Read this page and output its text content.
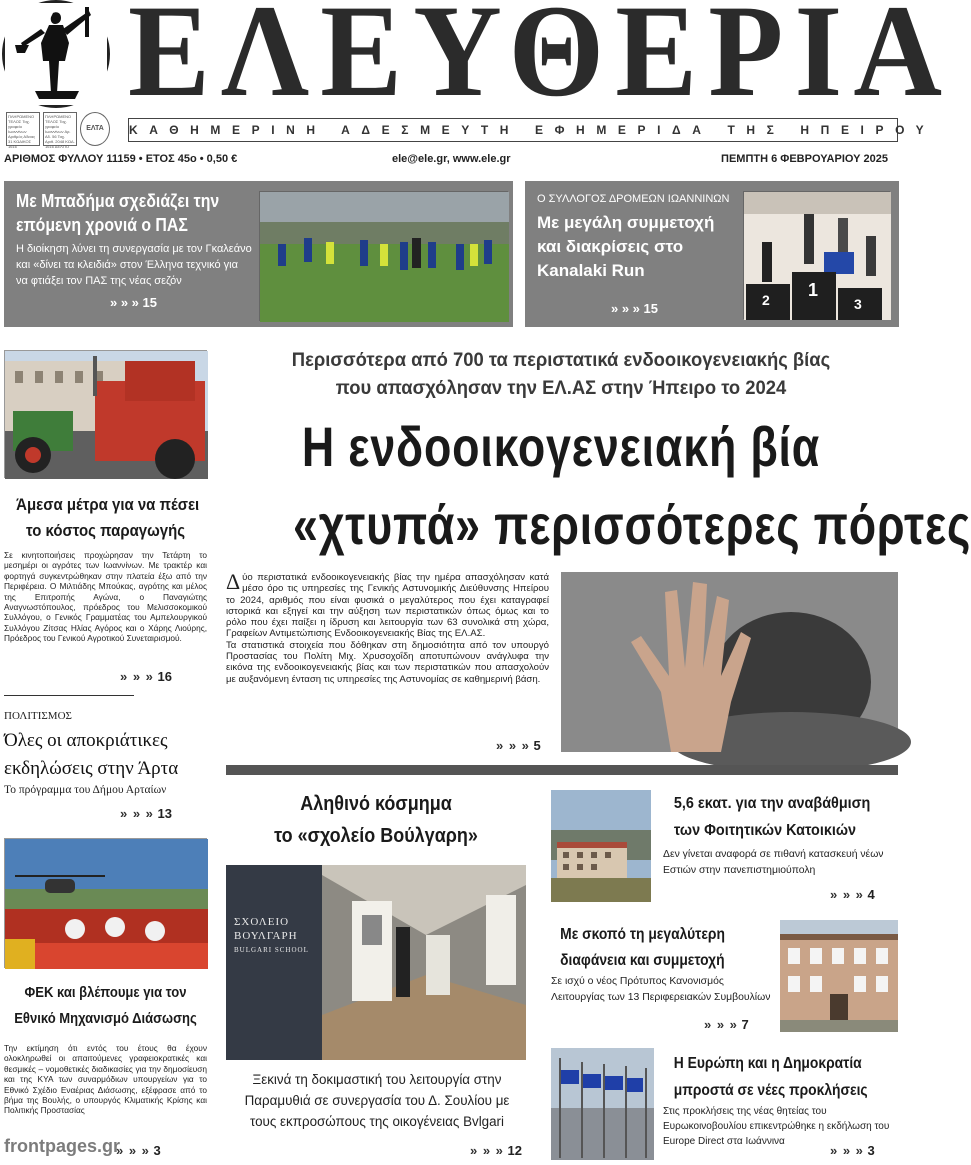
ΕΛΕΥΘΕΡΙΑ
ΚΑΘΗΜΕΡΙΝΗ ΑΔΕΣΜΕΥΤΗ ΕΦΗΜΕΡΙΔΑ ΤΗΣ ΗΠΕΙΡΟΥ
ΠΛΗΡΩΜΕΝΟ ΤΕΛΟΣ Ταχ. γραφείο Ιωαννίνων Αριθμός Αδειας 31 ΚΩΔΙΚΟΣ 1616
ΠΛΗΡΩΜΕΝΟ ΤΕΛΟΣ Ταχ. γραφείο Ιωαννίνων Αρ. Αδ. 56 Ταχ. Αριθ. 2048 ΚΩΔ. 1616 ΔΕΛΤΙΟ
ΕΛΤΑ
ΑΡΙΘΜΟΣ ΦΥΛΛΟΥ 11159 • ΕΤΟΣ 45ο • 0,50 €	ele@ele.gr, www.ele.gr	ΠΕΜΠΤΗ 6 ΦΕΒΡΟΥΑΡΙΟΥ 2025
Με Μπαδήμα σχεδιάζει την επόμενη χρονιά ο ΠΑΣ
Η διοίκηση λύνει τη συνεργασία με τον Γκαλεάνο και «δίνει τα κλειδιά» στον Έλληνα τεχνικό για να φτιάξει τον ΠΑΣ της νέας σεζόν
» » » 15
Ο ΣΥΛΛΟΓΟΣ ΔΡΟΜΕΩΝ ΙΩΑΝΝΙΝΩΝ
Με μεγάλη συμμετοχή και διακρίσεις στο Kanalaki Run
» » » 15
2 1
3
Άμεσα μέτρα για να πέσει
το κόστος παραγωγής
Σε κινητοποιήσεις προχώρησαν την Τετάρτη το μεσημέρι οι αγρότες των Ιωαννίνων. Με τρακτέρ και φορτηγά συγκεντρώθηκαν στην πλατεία έξω από την Περιφέρεια. Ο Μιλτιάδης Μπούκας, αγρότης και μέλος της Επιτροπής Αγώνα, ο Παναγιώτης Αναγνωστόπουλος, πρόεδρος του Μελισσοκομικού Συλλόγου, ο Γενικός Γραμματέας του Αμπελουργικού Συλλόγου Ζίτσας Ηλίας Αγόρος και ο Χάρης Λιούρης, Πρόεδρος του Γενικού Αγροτικού Συνεταιρισμού.
» » » 16
ΠΟΛΙΤΙΣΜΟΣ
Όλες οι αποκριάτικες
εκδηλώσεις στην Άρτα
Το πρόγραμμα του Δήμου Αρταίων
» » » 13
ΦΕΚ και βλέπουμε για τον
Εθνικό Μηχανισμό Διάσωσης
Την εκτίμηση ότι εντός του έτους θα έχουν ολοκληρωθεί οι απαιτούμενες γραφειοκρατικές και θεσμικές – νομοθετικές διαδικασίες για την δημοσίευση και της ΚΥΑ των συναρμόδιων υπουργείων για το Εθνικό Σχέδιο Εναέριας Διάσωσης, εξέφρασε από το βήμα της Βουλής, ο υπουργός Κλιματικής Κρίσης και Πολιτικής Προστασίας
» » » 3
Περισσότερα από 700 τα περιστατικά ενδοοικογενειακής βίας
που απασχόλησαν την ΕΛ.ΑΣ στην Ήπειρο το 2024
Η ενδοοικογενειακή βία
«χτυπά» περισσότερες πόρτες
Δύο περιστατικά ενδοοικογενειακής βίας την ημέρα απασχόλησαν κατά μέσο όρο τις υπηρεσίες της Γενικής Αστυνομικής Διεύθυνσης Ηπείρου το 2024, αριθμός που είναι φυσικά ο μεγαλύτερος που έχει καταγραφεί ιστορικά και εξηγεί και την αύξηση των περιστατικών όπως όμως και το ρόλο που έχει παίξει η ίδρυση και λειτουργία των 63 συνολικά στη χώρα, Γραφείων Αντιμετώπισης Ενδοοικογενειακής Βίας της ΕΛ.ΑΣ.
Τα στατιστικά στοιχεία που δόθηκαν στη δημοσιότητα από τον υπουργό Προστασίας του Πολίτη Μιχ. Χρυσοχοΐδη αποτυπώνουν ανάγλυφα την εικόνα της ενδοοικογενειακής βίας και των περιστατικών που απασχολούν με αυξανόμενη ένταση τις υπηρεσίες της Αστυνομίας σε καθημερινή βάση.
» » » 5
Αληθινό κόσμημα
το «σχολείο Βούλγαρη»
ΣΧΟΛΕΙΟ
ΒΟΥΛΓΑΡΗ
BULGARI SCHOOL
Ξεκινά τη δοκιμαστική του λειτουργία στην Παραμυθιά σε συνεργασία του Δ. Σουλίου με τους εκπροσώπους της οικογένειας Bvlgari
» » » 12
5,6 εκατ. για την αναβάθμιση
των Φοιτητικών Κατοικιών
Δεν γίνεται αναφορά σε πιθανή κατασκευή νέων Εστιών στην πανεπιστημιούπολη
» » » 4
Με σκοπό τη μεγαλύτερη
διαφάνεια και συμμετοχή
Σε ισχύ ο νέος Πρότυπος Κανονισμός Λειτουργίας των 13 Περιφερειακών Συμβουλίων
» » » 7
Η Ευρώπη και η Δημοκρατία
μπροστά σε νέες προκλήσεις
Στις προκλήσεις της νέας θητείας του Ευρωκοινοβουλίου επικεντρώθηκε η εκδήλωση του Europe Direct στα Ιωάννινα
» » » 3
frontpages.gr
